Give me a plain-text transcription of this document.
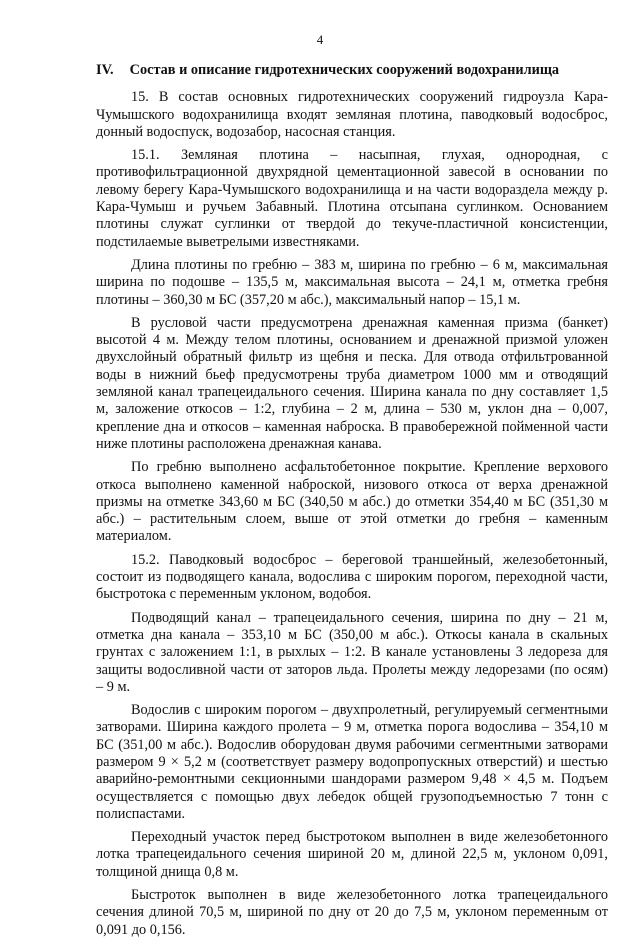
4
IV. Состав и описание гидротехнических сооружений водохранилища

15. В состав основных гидротехнических сооружений гидроузла Кара-Чумышского водохранилища входят земляная плотина, паводковый водосброс, донный водоспуск, водозабор, насосная станция.

15.1. Земляная плотина – насыпная, глухая, однородная, с противофильтрационной двухрядной цементационной завесой в основании по левому берегу Кара-Чумышского водохранилища и на части водораздела между р. Кара-Чумыш и ручьем Забавный. Плотина отсыпана суглинком. Основанием плотины служат суглинки от твердой до текуче-пластичной консистенции, подстилаемые выветрелыми известняками.

Длина плотины по гребню – 383 м, ширина по гребню – 6 м, максимальная ширина по подошве – 135,5 м, максимальная высота – 24,1 м, отметка гребня плотины – 360,30 м БС (357,20 м абс.), максимальный напор – 15,1 м.

В русловой части предусмотрена дренажная каменная призма (банкет) высотой 4 м. Между телом плотины, основанием и дренажной призмой уложен двухслойный обратный фильтр из щебня и песка. Для отвода отфильтрованной воды в нижний бьеф предусмотрены труба диаметром 1000 мм и отводящий земляной канал трапецеидального сечения. Ширина канала по дну составляет 1,5 м, заложение откосов – 1:2, глубина – 2 м, длина – 530 м, уклон дна – 0,007, крепление дна и откосов – каменная наброска. В правобережной пойменной части ниже плотины расположена дренажная канава.

По гребню выполнено асфальтобетонное покрытие. Крепление верхового откоса выполнено каменной наброской, низового откоса от верха дренажной призмы на отметке 343,60 м БС (340,50 м абс.) до отметки 354,40 м БС (351,30 м абс.) – растительным слоем, выше от этой отметки до гребня – каменным материалом.

15.2. Паводковый водосброс – береговой траншейный, железобетонный, состоит из подводящего канала, водослива с широким порогом, переходной части, быстротока с переменным уклоном, водобоя.

Подводящий канал – трапецеидального сечения, ширина по дну – 21 м, отметка дна канала – 353,10 м БС (350,00 м абс.). Откосы канала в скальных грунтах с заложением 1:1, в рыхлых – 1:2. В канале установлены 3 ледореза для защиты водосливной части от заторов льда. Пролеты между ледорезами (по осям) – 9 м.

Водослив с широким порогом – двухпролетный, регулируемый сегментными затворами. Ширина каждого пролета – 9 м, отметка порога водослива – 354,10 м БС (351,00 м абс.). Водослив оборудован двумя рабочими сегментными затворами размером 9 × 5,2 м (соответствует размеру водопропускных отверстий) и шестью аварийно-ремонтными секционными шандорами размером 9,48 × 4,5 м. Подъем осуществляется с помощью двух лебедок общей грузоподъемностью 7 тонн с полиспастами.

Переходный участок перед быстротоком выполнен в виде железобетонного лотка трапецеидального сечения шириной 20 м, длиной 22,5 м, уклоном 0,091, толщиной днища 0,8 м.

Быстроток выполнен в виде железобетонного лотка трапецеидального сечения длиной 70,5 м, шириной по дну от 20 до 7,5 м, уклоном переменным от 0,091 до 0,156.
